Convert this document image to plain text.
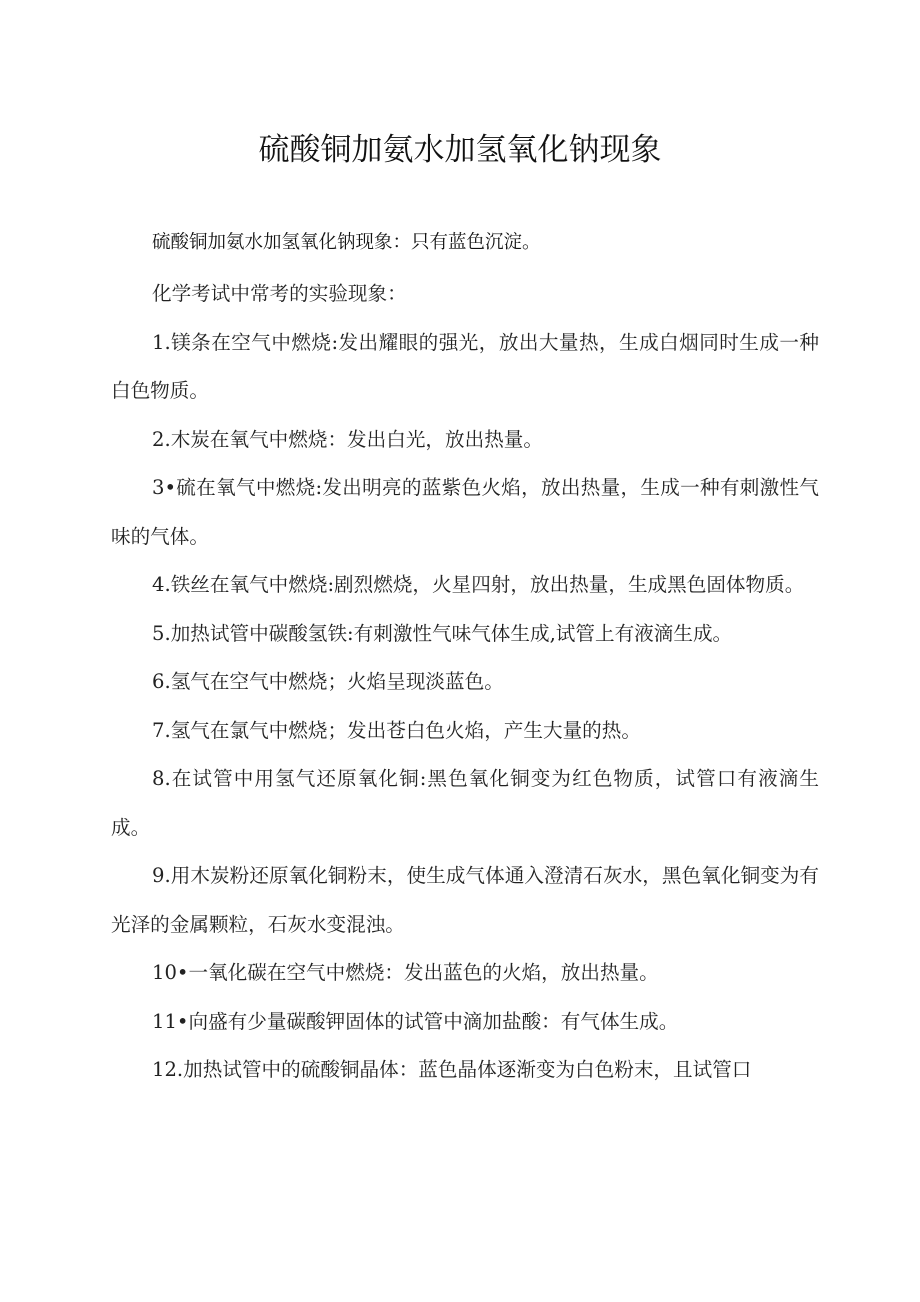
硫酸铜加氨水加氢氧化钠现象

硫酸铜加氨水加氢氧化钠现象：只有蓝色沉淀。

化学考试中常考的实验现象：

1.镁条在空气中燃烧:发出耀眼的强光，放出大量热，生成白烟同时生成一种白色物质。

2.木炭在氧气中燃烧：发出白光，放出热量。

3•硫在氧气中燃烧:发出明亮的蓝紫色火焰，放出热量，生成一种有刺激性气味的气体。

4.铁丝在氧气中燃烧:剧烈燃烧，火星四射，放出热量，生成黑色固体物质。

5.加热试管中碳酸氢铁:有刺激性气味气体生成,试管上有液滴生成。

6.氢气在空气中燃烧；火焰呈现淡蓝色。

7.氢气在氯气中燃烧；发出苍白色火焰，产生大量的热。

8.在试管中用氢气还原氧化铜:黑色氧化铜变为红色物质，试管口有液滴生成。

9.用木炭粉还原氧化铜粉末，使生成气体通入澄清石灰水，黑色氧化铜变为有光泽的金属颗粒，石灰水变混浊。

10•一氧化碳在空气中燃烧：发出蓝色的火焰，放出热量。

11•向盛有少量碳酸钾固体的试管中滴加盐酸：有气体生成。

12.加热试管中的硫酸铜晶体：蓝色晶体逐渐变为白色粉末，且试管口
